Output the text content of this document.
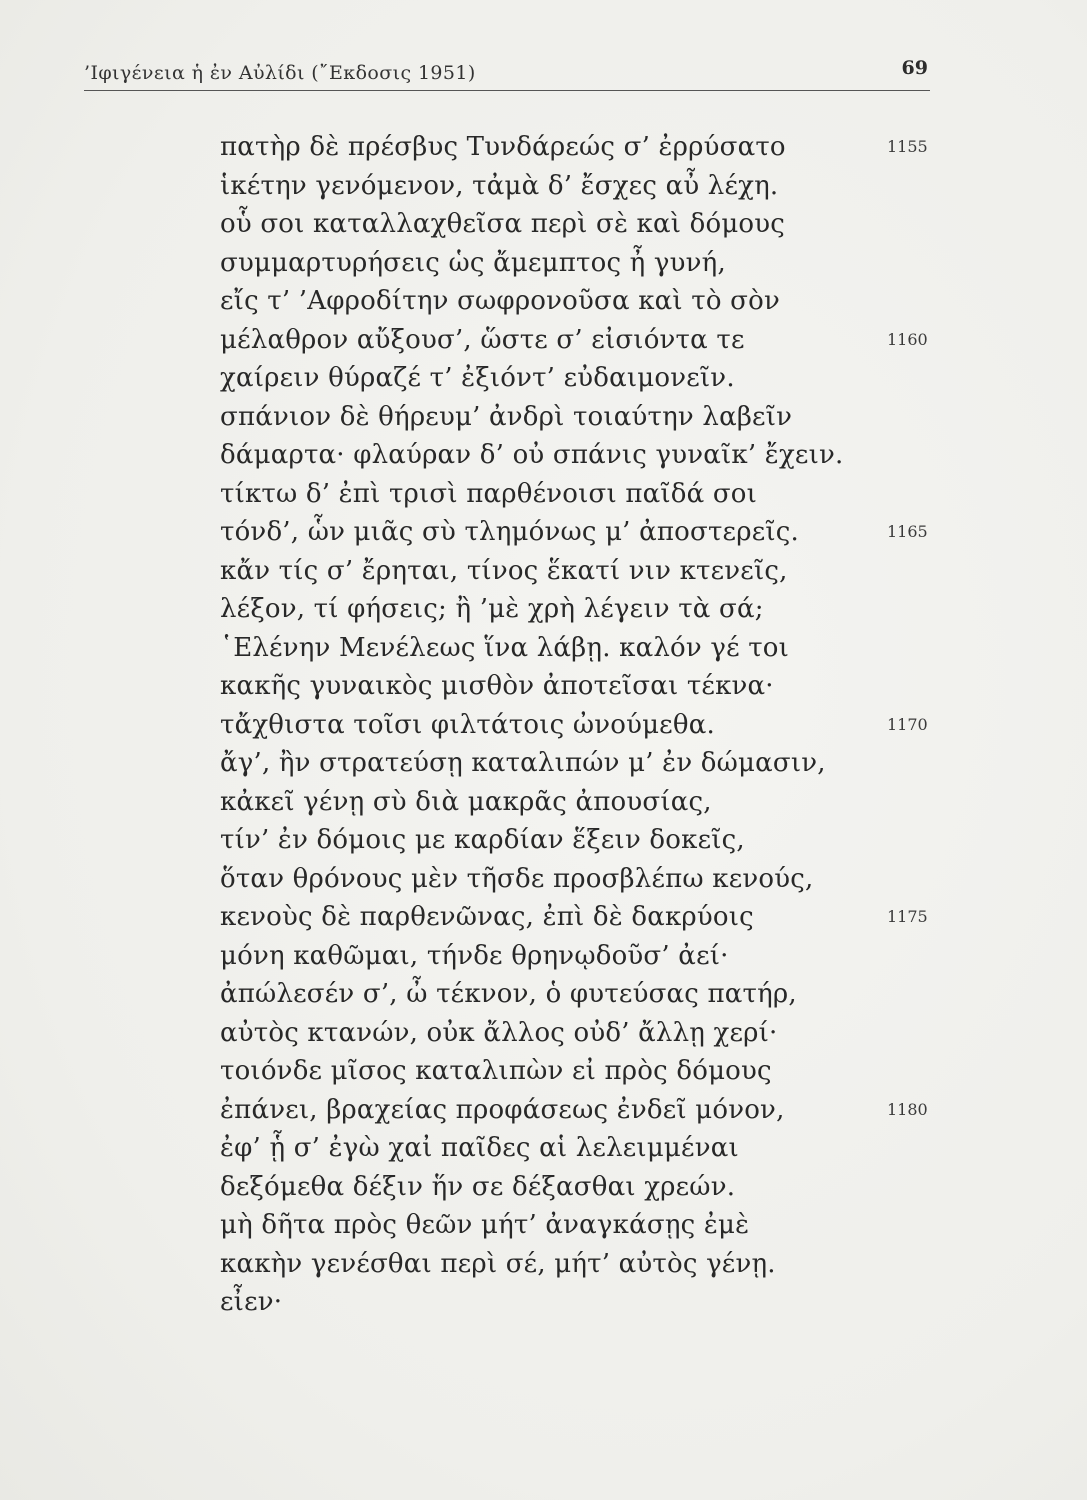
’Ιφιγένεια ἡ ἐν Αὐλίδι (῎Εκδοσις 1951)	69
πατὴρ δὲ πρέσβυς Τυνδάρεώς σ’ ἐρρύσατο	1155
ἱκέτην γενόμενον, τἀμὰ δ’ ἔσχες αὖ λέχη.
οὗ σοι καταλλαχθεῖσα περὶ σὲ καὶ δόμους
συμμαρτυρήσεις ὡς ἄμεμπτος ἦ γυνή,
εἴς τ’ ’Αφροδίτην σωφρονοῦσα καὶ τὸ σὸν
μέλαθρον αὔξουσ’, ὥστε σ’ εἰσιόντα τε	1160
χαίρειν θύραζέ τ’ ἐξιόντ’ εὐδαιμονεῖν.
σπάνιον δὲ θήρευμ’ ἀνδρὶ τοιαύτην λαβεῖν
δάμαρτα· φλαύραν δ’ οὐ σπάνις γυναῖκ’ ἔχειν.
τίκτω δ’ ἐπὶ τρισὶ παρθένοισι παῖδά σοι
τόνδ’, ὧν μιᾶς σὺ τλημόνως μ’ ἀποστερεῖς.	1165
κἄν τίς σ’ ἔρηται, τίνος ἕκατί νιν κτενεῖς,
λέξον, τί φήσεις; ἢ ’μὲ χρὴ λέγειν τὰ σά;
῾Ελένην Μενέλεως ἵνα λάβῃ. καλόν γέ τοι
κακῆς γυναικὸς μισθὸν ἀποτεῖσαι τέκνα·
τἄχθιστα τοῖσι φιλτάτοις ὠνούμεθα.	1170
ἄγ’, ἢν στρατεύσῃ καταλιπών μ’ ἐν δώμασιν,
κἀκεῖ γένῃ σὺ διὰ μακρᾶς ἀπουσίας,
τίν’ ἐν δόμοις με καρδίαν ἕξειν δοκεῖς,
ὅταν θρόνους μὲν τῆσδε προσβλέπω κενούς,
κενοὺς δὲ παρθενῶνας, ἐπὶ δὲ δακρύοις	1175
μόνη καθῶμαι, τήνδε θρηνῳδοῦσ’ ἀεί·
ἀπώλεσέν σ’, ὦ τέκνον, ὁ φυτεύσας πατήρ,
αὐτὸς κτανών, οὐκ ἄλλος οὐδ’ ἄλλῃ χερί·
τοιόνδε μῖσος καταλιπὼν εἰ πρὸς δόμους
ἐπάνει, βραχείας προφάσεως ἐνδεῖ μόνον,	1180
ἐφ’ ᾗ σ’ ἐγὼ χαἰ παῖδες αἱ λελειμμέναι
δεξόμεθα δέξιν ἥν σε δέξασθαι χρεών.
μὴ δῆτα πρὸς θεῶν μήτ’ ἀναγκάσῃς ἐμὲ
κακὴν γενέσθαι περὶ σέ, μήτ’ αὐτὸς γένῃ.
εἶεν·
